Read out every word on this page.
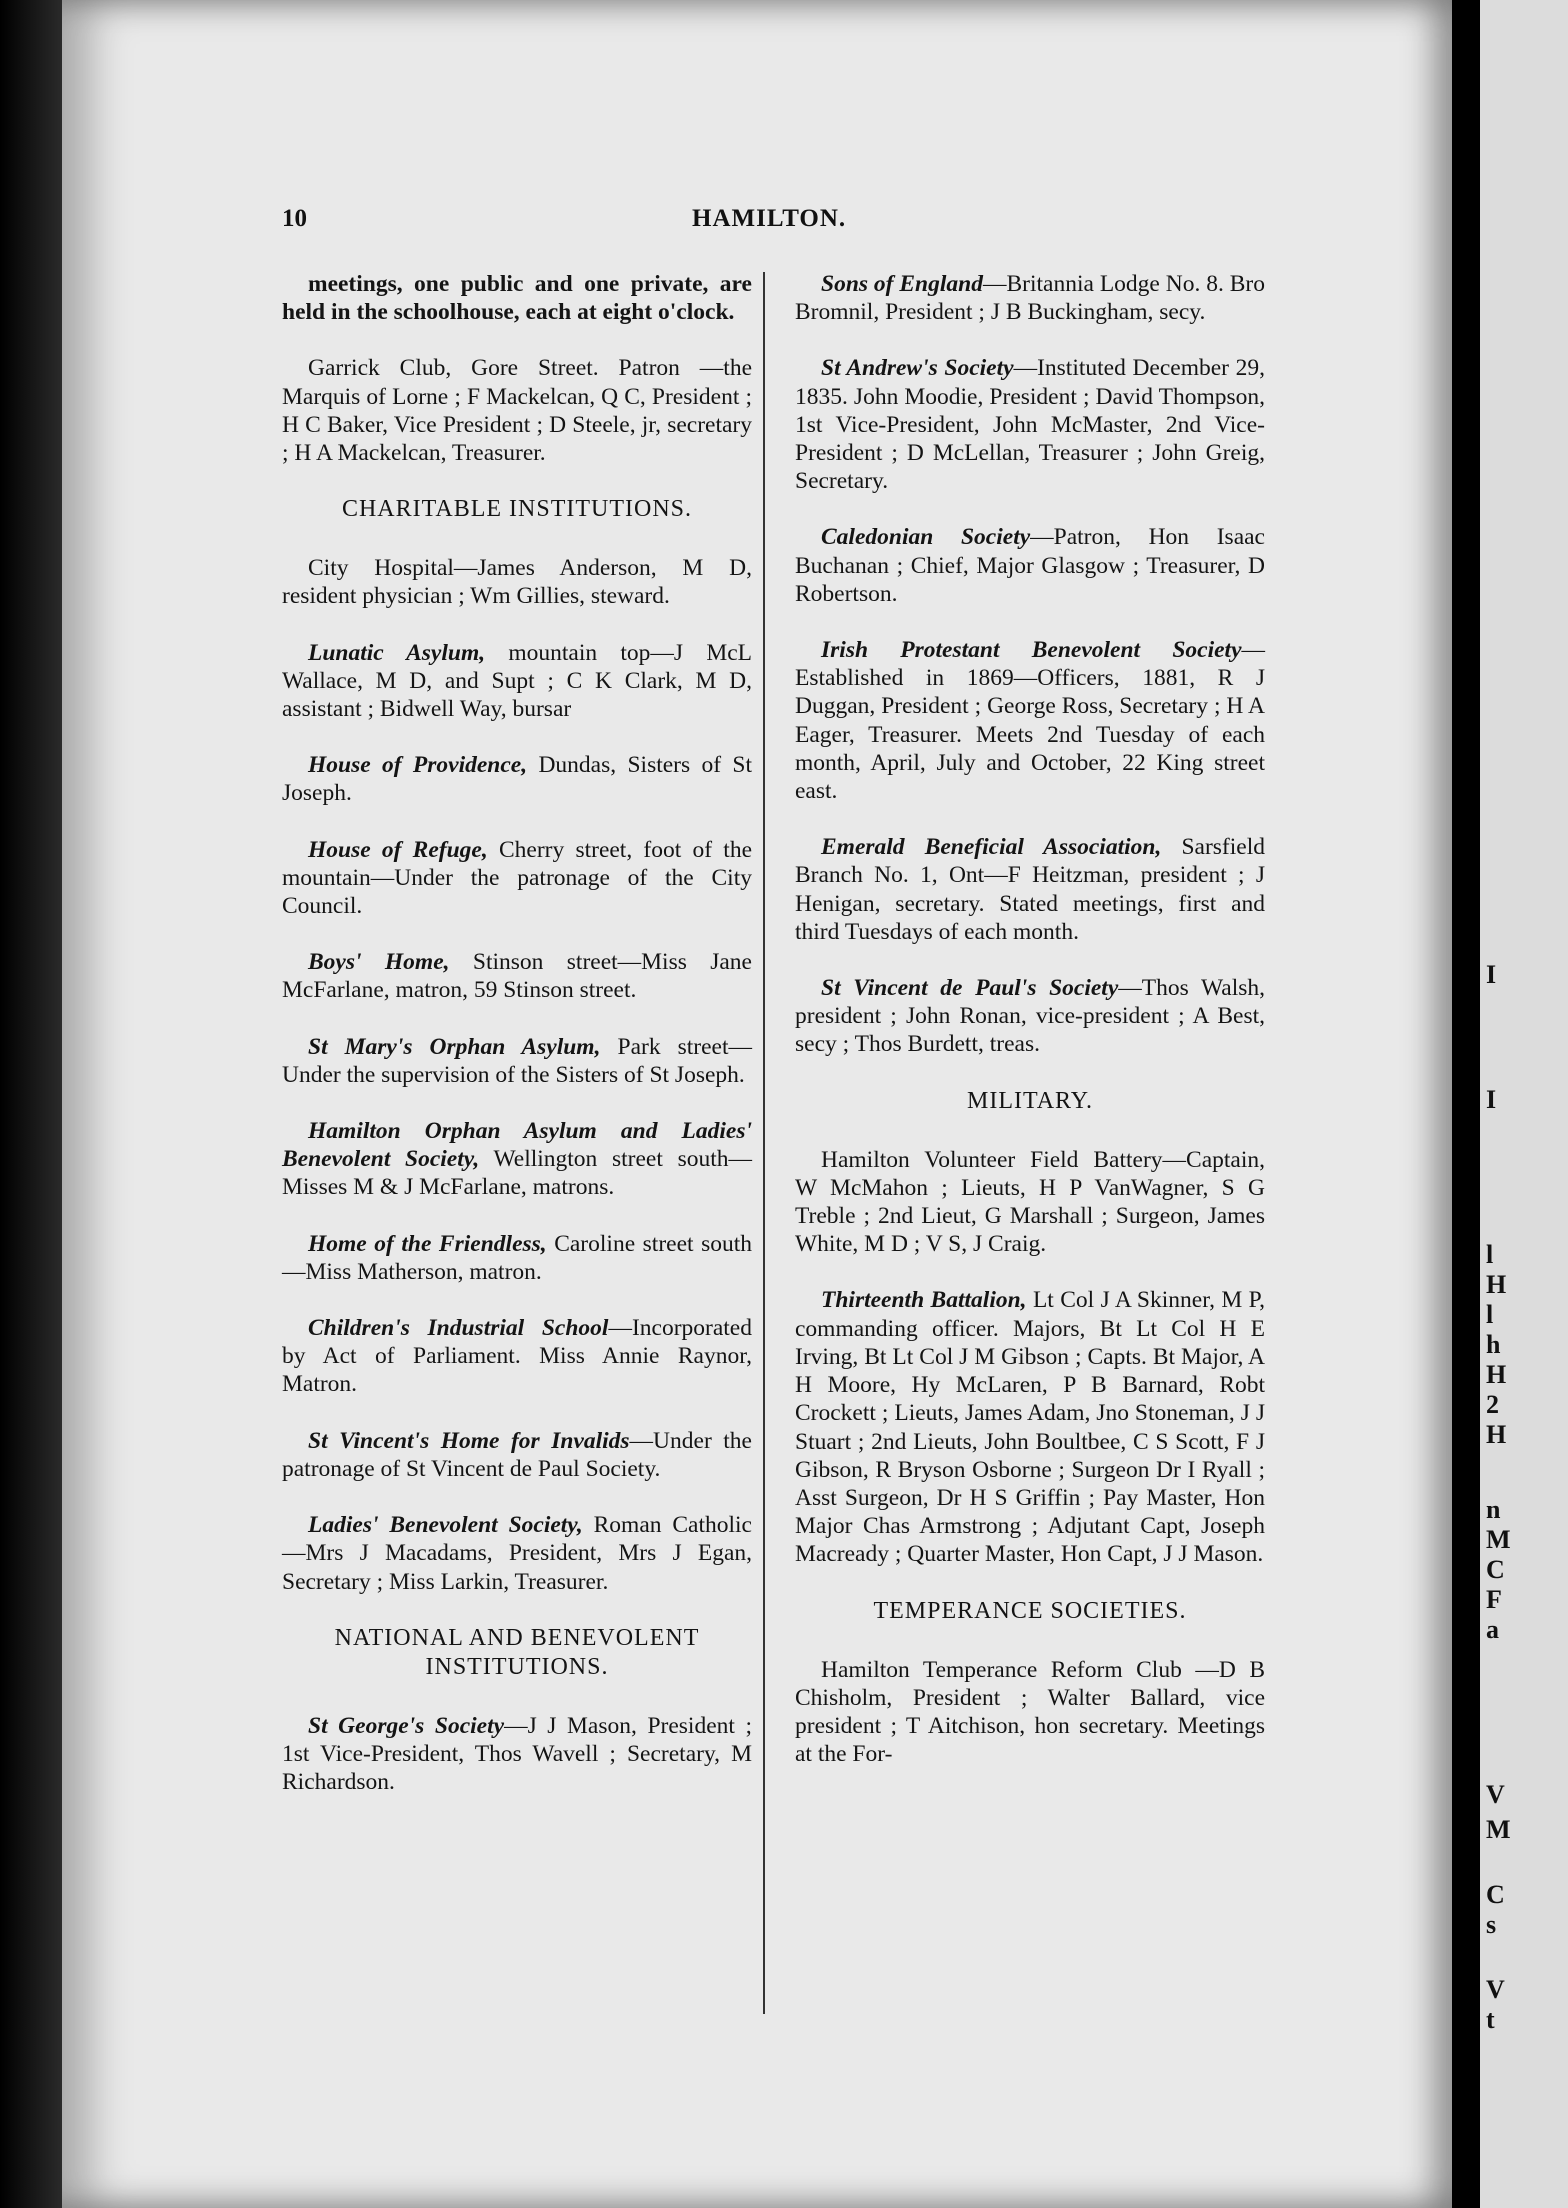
I
I
l
H
l
h
H
2
H
n
M
C
F
a
V
M
C
s
V
t
10	HAMILTON.

meetings, one public and one private, are held in the schoolhouse, each at eight o'clock.

Garrick Club, Gore Street. Patron —the Marquis of Lorne ; F Mackelcan, Q C, President ; H C Baker, Vice President ; D Steele, jr, secretary ; H A Mackelcan, Treasurer.

CHARITABLE INSTITUTIONS.

City Hospital—James Anderson, M D, resident physician ; Wm Gillies, steward.

Lunatic Asylum, mountain top—J McL Wallace, M D, and Supt ; C K Clark, M D, assistant ; Bidwell Way, bursar

House of Providence, Dundas, Sisters of St Joseph.

House of Refuge, Cherry street, foot of the mountain—Under the patronage of the City Council.

Boys' Home, Stinson street—Miss Jane McFarlane, matron, 59 Stinson street.

St Mary's Orphan Asylum, Park street—Under the supervision of the Sisters of St Joseph.

Hamilton Orphan Asylum and Ladies' Benevolent Society, Wellington street south—Misses M & J McFarlane, matrons.

Home of the Friendless, Caroline street south—Miss Matherson, matron.

Children's Industrial School—Incorporated by Act of Parliament. Miss Annie Raynor, Matron.

St Vincent's Home for Invalids—Under the patronage of St Vincent de Paul Society.

Ladies' Benevolent Society, Roman Catholic—Mrs J Macadams, President, Mrs J Egan, Secretary ; Miss Larkin, Treasurer.

NATIONAL AND BENEVOLENT
INSTITUTIONS.

St George's Society—J J Mason, President ; 1st Vice-President, Thos Wavell ; Secretary, M Richardson.

Sons of England—Britannia Lodge No. 8. Bro Bromnil, President ; J B Buckingham, secy.

St Andrew's Society—Instituted December 29, 1835. John Moodie, President ; David Thompson, 1st Vice-President, John McMaster, 2nd Vice-President ; D McLellan, Treasurer ; John Greig, Secretary.

Caledonian Society—Patron, Hon Isaac Buchanan ; Chief, Major Glasgow ; Treasurer, D Robertson.

Irish Protestant Benevolent Society—Established in 1869—Officers, 1881, R J Duggan, President ; George Ross, Secretary ; H A Eager, Treasurer. Meets 2nd Tuesday of each month, April, July and October, 22 King street east.

Emerald Beneficial Association, Sarsfield Branch No. 1, Ont—F Heitzman, president ; J Henigan, secretary. Stated meetings, first and third Tuesdays of each month.

St Vincent de Paul's Society—Thos Walsh, president ; John Ronan, vice-president ; A Best, secy ; Thos Burdett, treas.

MILITARY.

Hamilton Volunteer Field Battery—Captain, W McMahon ; Lieuts, H P VanWagner, S G Treble ; 2nd Lieut, G Marshall ; Surgeon, James White, M D ; V S, J Craig.

Thirteenth Battalion, Lt Col J A Skinner, M P, commanding officer. Majors, Bt Lt Col H E Irving, Bt Lt Col J M Gibson ; Capts. Bt Major, A H Moore, Hy McLaren, P B Barnard, Robt Crockett ; Lieuts, James Adam, Jno Stoneman, J J Stuart ; 2nd Lieuts, John Boultbee, C S Scott, F J Gibson, R Bryson Osborne ; Surgeon Dr I Ryall ; Asst Surgeon, Dr H S Griffin ; Pay Master, Hon Major Chas Armstrong ; Adjutant Capt, Joseph Macready ; Quarter Master, Hon Capt, J J Mason.

TEMPERANCE SOCIETIES.

Hamilton Temperance Reform Club —D B Chisholm, President ; Walter Ballard, vice president ; T Aitchison, hon secretary. Meetings at the For-
